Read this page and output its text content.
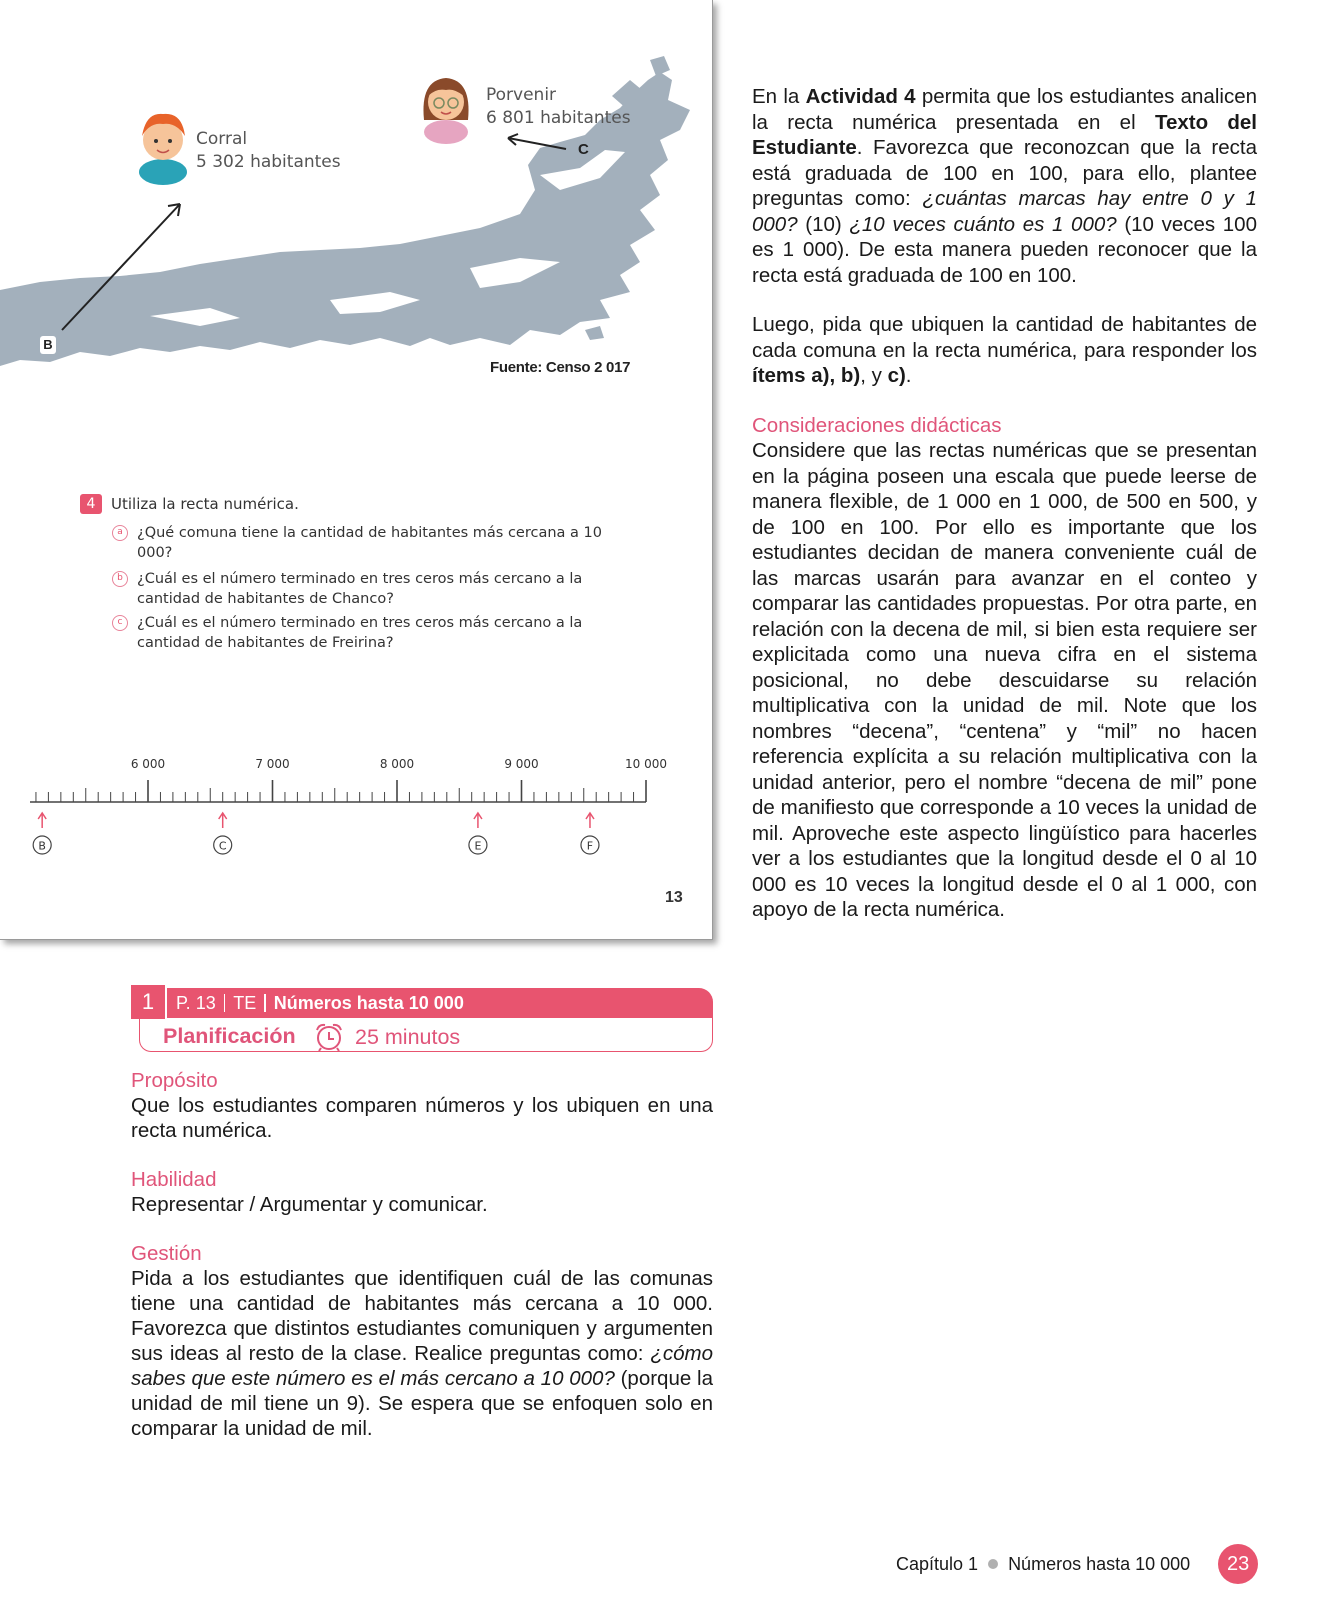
Porvenir
6 801 habitantes
Corral
5 302 habitantes
C
B
Fuente: Censo 2 017
4	Utiliza la recta numérica.
a ¿Qué comuna tiene la cantidad de habitantes más cercana a 10 000?
b ¿Cuál es el número terminado en tres ceros más cercano a la cantidad de habitantes de Chanco?
c	¿Cuál es el número terminado en tres ceros más cercano a la cantidad de habitantes de Freirina?
6 000	7 000	8 000	9 000	10 000
B	C	E	F
13

En la Actividad 4 permita que los estudiantes analicen la recta numérica presentada en el Texto del Estudiante. Favorezca que reconozcan que la recta está graduada de 100 en 100, para ello, plantee preguntas como: ¿cuántas marcas hay entre 0 y 1 000? (10) ¿10 veces cuánto es 1 000? (10 veces 100 es 1 000). De esta manera pueden reconocer que la recta está graduada de 100 en 100.

Luego, pida que ubiquen la cantidad de habitantes de cada comuna en la recta numérica, para responder los ítems a), b), y c).

Consideraciones didácticas

Considere que las rectas numéricas que se presentan en la página poseen una escala que puede leerse de manera flexible, de 1 000 en 1 000, de 500 en 500, y de 100 en 100. Por ello es importante que los estudiantes decidan de manera conveniente cuál de las marcas usarán para avanzar en el conteo y comparar las cantidades propuestas. Por otra parte, en relación con la decena de mil, si bien esta requiere ser explicitada como una nueva cifra en el sistema posicional, no debe descuidarse su relación multiplicativa con la unidad de mil. Note que los nombres “decena”, “centena” y “mil” no hacen referencia explícita a su relación multiplicativa con la unidad anterior, pero el nombre “decena de mil” pone de manifiesto que corresponde a 10 veces la unidad de mil. Aproveche este aspecto lingüístico para hacerles ver a los estudiantes que la longitud desde el 0 al 10 000 es 10 veces la longitud desde el 0 al 1 000, con apoyo de la recta numérica.

1	P. 13 TE Números hasta 10 000
Planificación	25 minutos
Propósito
Que los estudiantes comparen números y los ubiquen en una recta numérica.
Habilidad
Representar / Argumentar y comunicar.
Gestión
Pida a los estudiantes que identifiquen cuál de las comunas tiene una cantidad de habitantes más cercana a 10 000. Favorezca que distintos estudiantes comuniquen y argumenten sus ideas al resto de la clase. Realice preguntas como: ¿cómo sabes que este número es el más cercano a 10 000? (porque la unidad de mil tiene un 9). Se espera que se enfoquen solo en comparar la unidad de mil.
Capítulo 1 Números hasta 10 000	23
